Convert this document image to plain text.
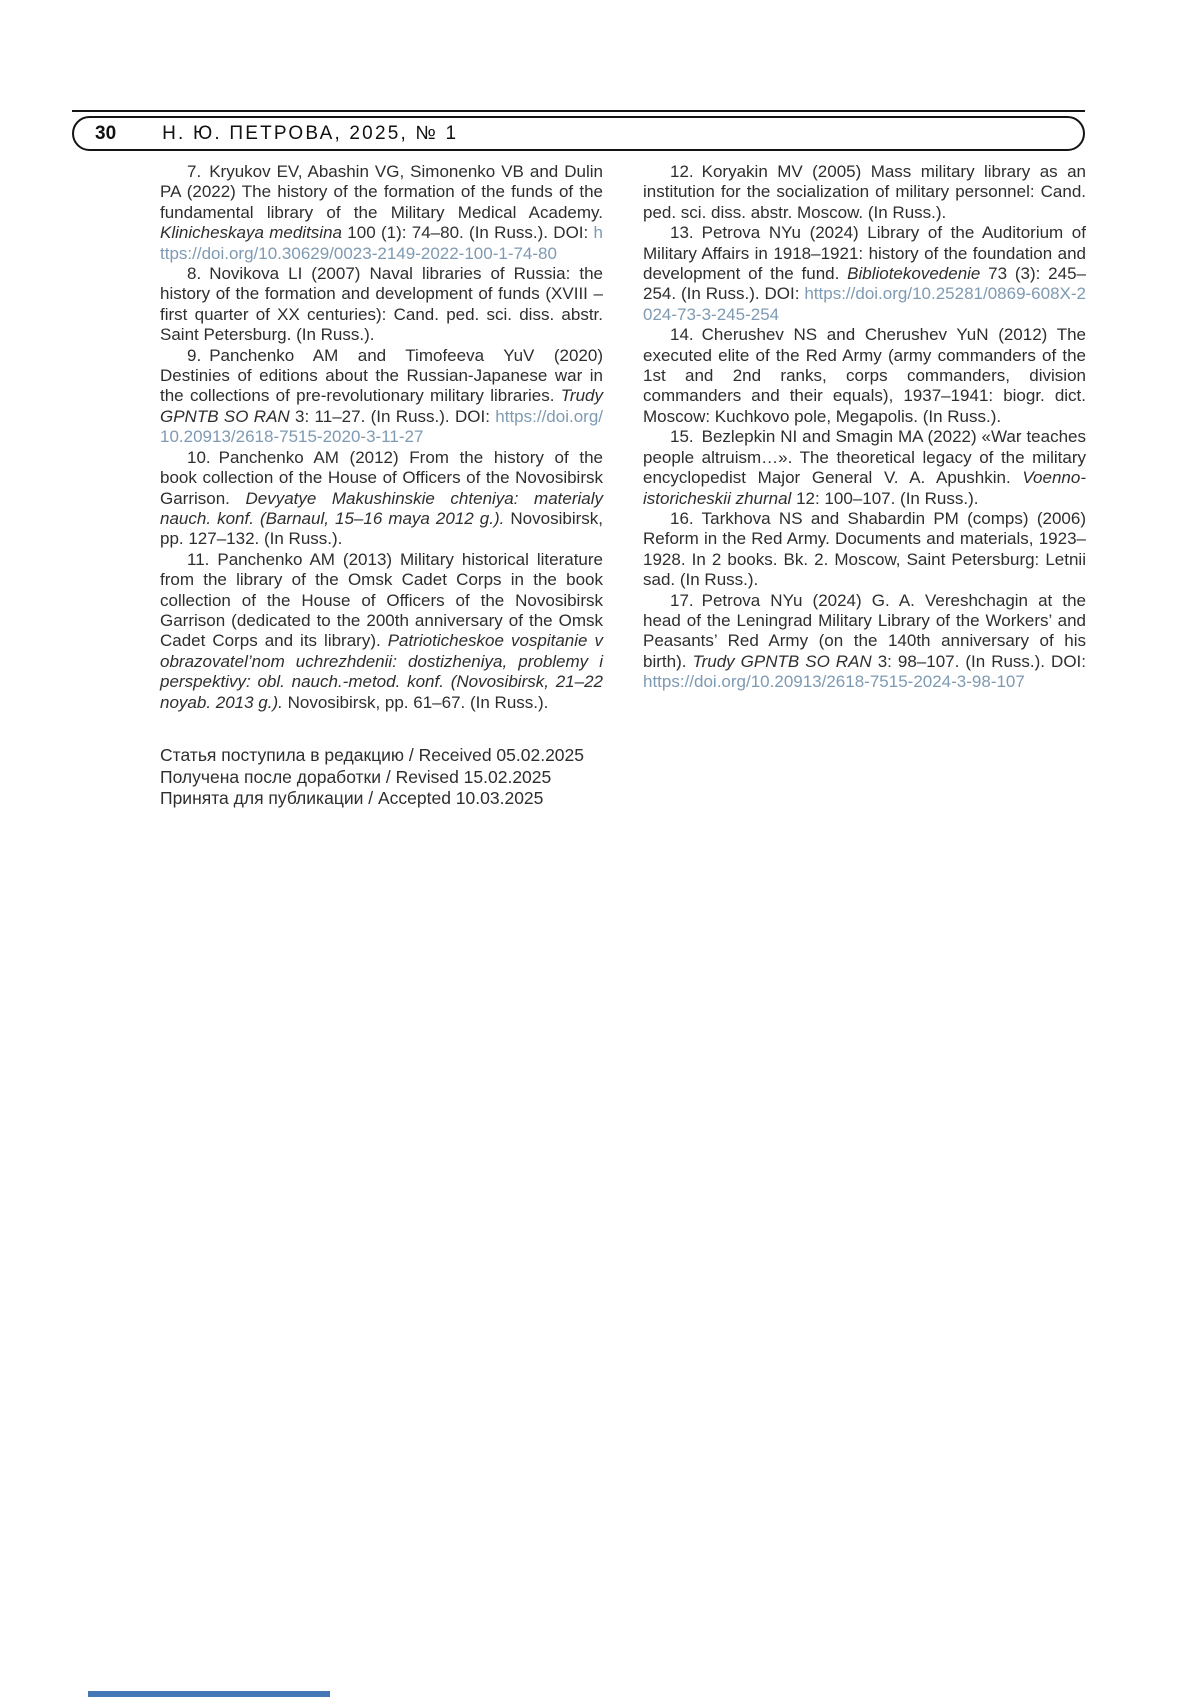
30 Н. Ю. ПЕТРОВА, 2025, № 1

7. Kryukov EV, Abashin VG, Simonenko VB and Dulin PA (2022) The history of the formation of the funds of the fundamental library of the Military Medical Academy. Klinicheskaya meditsina 100 (1): 74–80. (In Russ.). DOI: https://doi.org/10.30629/0023-2149-2022-100-1-74-80

8. Novikova LI (2007) Naval libraries of Russia: the history of the formation and development of funds (XVIII – first quarter of XX centuries): Cand. ped. sci. diss. abstr. Saint Petersburg. (In Russ.).

9. Panchenko AM and Timofeeva YuV (2020) Destinies of editions about the Russian-Japanese war in the collections of pre-revolutionary military libraries. Trudy GPNTB SO RAN 3: 11–27. (In Russ.). DOI: https://doi.org/10.20913/2618-7515-2020-3-11-27

10. Panchenko AM (2012) From the history of the book collection of the House of Officers of the Novosibirsk Garrison. Devyatye Makushinskie chteniya: materialy nauch. konf. (Barnaul, 15–16 maya 2012 g.). Novosibirsk, pp. 127–132. (In Russ.).

11. Panchenko AM (2013) Military historical literature from the library of the Omsk Cadet Corps in the book collection of the House of Officers of the Novosibirsk Garrison (dedicated to the 200th anniversary of the Omsk Cadet Corps and its library). Patrioticheskoe vospitanie v obrazovatel’nom uchrezhdenii: dostizheniya, problemy i perspektivy: obl. nauch.-metod. konf. (Novosibirsk, 21–22 noyab. 2013 g.). Novosibirsk, pp. 61–67. (In Russ.).

12. Koryakin MV (2005) Mass military library as an institution for the socialization of military personnel: Cand. ped. sci. diss. abstr. Moscow. (In Russ.).

13. Petrova NYu (2024) Library of the Auditorium of Military Affairs in 1918–1921: history of the foundation and development of the fund. Bibliotekovedenie 73 (3): 245–254. (In Russ.). DOI: https://doi.org/10.25281/0869-608X-2024-73-3-245-254

14. Cherushev NS and Cherushev YuN (2012) The executed elite of the Red Army (army commanders of the 1st and 2nd ranks, corps commanders, division commanders and their equals), 1937–1941: biogr. dict. Moscow: Kuchkovo pole, Megapolis. (In Russ.).

15. Bezlepkin NI and Smagin MA (2022) «War teaches people altruism…». The theoretical legacy of the military encyclopedist Major General V. A. Apushkin. Voenno-istoricheskii zhurnal 12: 100–107. (In Russ.).

16. Tarkhova NS and Shabardin PM (comps) (2006) Reform in the Red Army. Documents and materials, 1923–1928. In 2 books. Bk. 2. Moscow, Saint Petersburg: Letnii sad. (In Russ.).

17. Petrova NYu (2024) G. A. Vereshchagin at the head of the Leningrad Military Library of the Workers’ and Peasants’ Red Army (on the 140th anniversary of his birth). Trudy GPNTB SO RAN 3: 98–107. (In Russ.). DOI: https://doi.org/10.20913/2618-7515-2024-3-98-107

Статья поступила в редакцию / Received 05.02.2025
Получена после доработки / Revised 15.02.2025
Принята для публикации / Accepted 10.03.2025
